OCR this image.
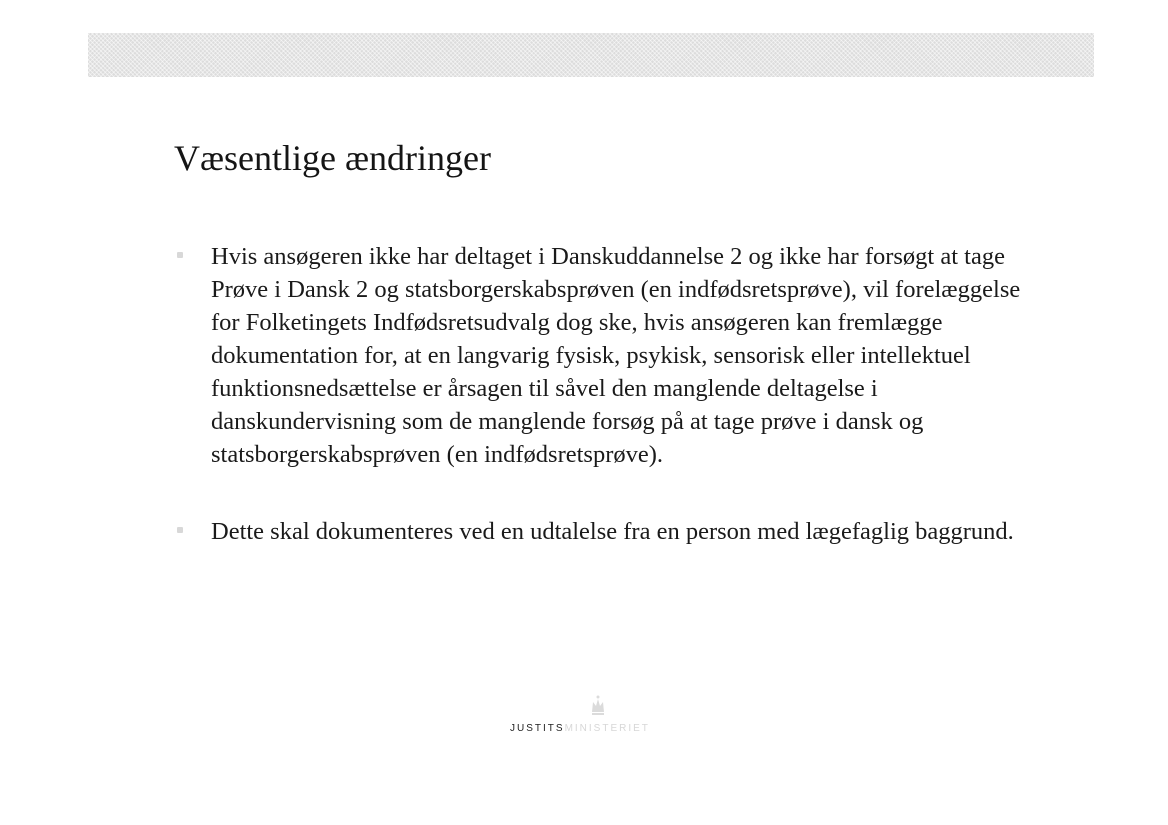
Væsentlige ændringer
Hvis ansøgeren ikke har deltaget i Danskuddannelse 2 og ikke har forsøgt at tage Prøve i Dansk 2 og statsborgerskabsprøven (en indfødsretsprøve), vil forelæggelse for Folketingets Indfødsretsudvalg dog ske, hvis ansøgeren kan fremlægge dokumentation for, at en langvarig fysisk, psykisk, sensorisk eller intellektuel funktionsnedsættelse er årsagen til såvel den manglende deltagelse i danskundervisning som de manglende forsøg på at tage prøve i dansk og statsborgerskabsprøven (en indfødsretsprøve).
Dette skal dokumenteres ved en udtalelse fra en person med lægefaglig baggrund.
JUSTITSMINISTERIET
